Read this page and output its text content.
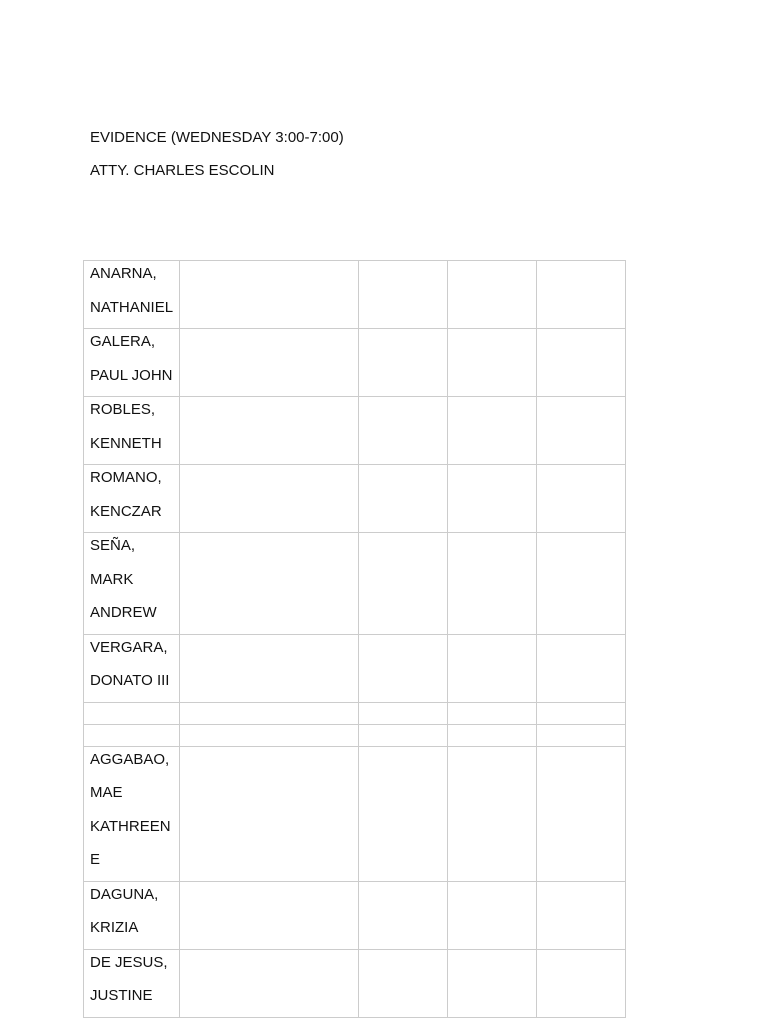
EVIDENCE (WEDNESDAY 3:00-7:00)
ATTY. CHARLES ESCOLIN
ANARNA,
NATHANIEL				

GALERA,
PAUL JOHN				

ROBLES,
KENNETH				

ROMANO,
KENCZAR				

SEÑA,
MARK
ANDREW				

VERGARA,
DONATO III				

AGGABAO,
MAE
KATHREEN
E				

DAGUNA,
KRIZIA				

DE JESUS,
JUSTINE				
